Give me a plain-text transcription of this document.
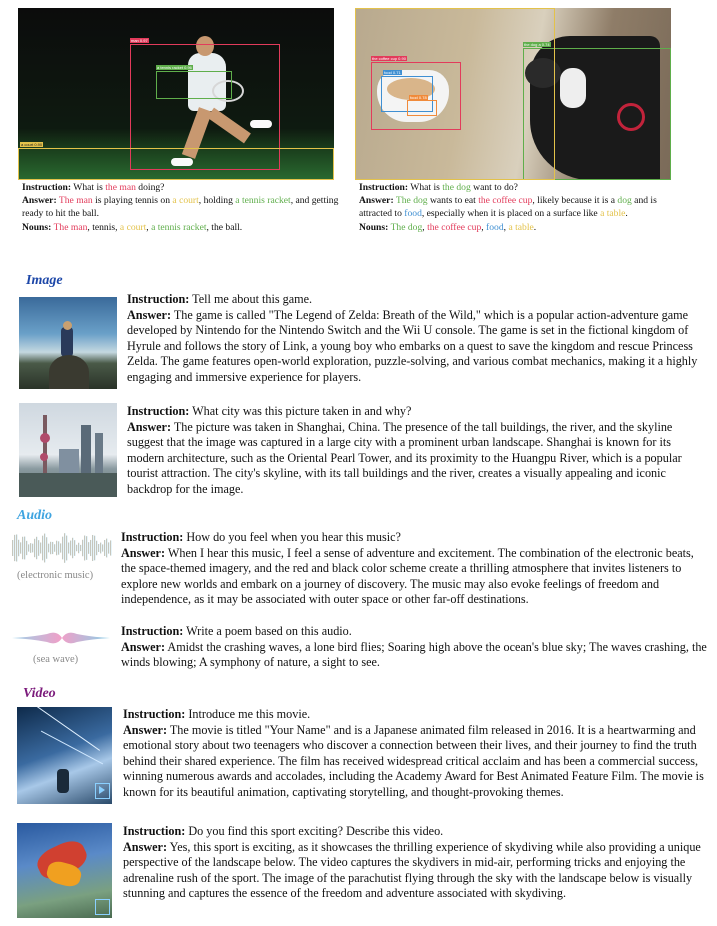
man 0.97
a tennis racket 0.96
a court 0.90
Instruction: What is the man doing?
Answer: The man is playing tennis on a court, holding a tennis racket, and getting ready to hit the ball.
Nouns: The man, tennis, a court, a tennis racket, the ball.
the dog a 0.74
the coffee cup 0.90
food 0.71
food 0.78
Instruction: What is the dog want to do?
Answer: The dog wants to eat the coffee cup, likely because it is a dog and is attracted to food, especially when it is placed on a surface like a table.
Nouns: The dog, the coffee cup, food, a table.
Image
Instruction: Tell me about this game.
Answer: The game is called "The Legend of Zelda: Breath of the Wild," which is a popular action-adventure game developed by Nintendo for the Nintendo Switch and the Wii U console. The game is set in the fictional kingdom of Hyrule and follows the story of Link, a young boy who embarks on a quest to save the kingdom and rescue Princess Zelda. The game features open-world exploration, puzzle-solving, and various combat mechanics, making it a highly engaging and immersive experience for players.
Instruction: What city was this picture taken in and why?
Answer: The picture was taken in Shanghai, China. The presence of the tall buildings, the river, and the skyline suggest that the image was captured in a large city with a prominent urban landscape. Shanghai is known for its modern architecture, such as the Oriental Pearl Tower, and its proximity to the Huangpu River, which is a popular tourist attraction. The city's skyline, with its tall buildings and the river, creates a visually appealing and iconic backdrop for the image.
Audio
(electronic music)
Instruction: How do you feel when you hear this music?
Answer: When I hear this music, I feel a sense of adventure and excitement. The combination of the electronic beats, the space-themed imagery, and the red and black color scheme create a thrilling atmosphere that invites listeners to explore new worlds and embark on a journey of discovery. The music may also evoke feelings of freedom and independence, as it may be associated with outer space or other far-off destinations.
(sea wave)
Instruction: Write a poem based on this audio.
Answer: Amidst the crashing waves, a lone bird flies; Soaring high above the ocean's blue sky; The waves crashing, the winds blowing; A symphony of nature, a sight to see.
Video
Instruction: Introduce me this movie.
Answer: The movie is titled "Your Name" and is a Japanese animated film released in 2016. It is a heartwarming and emotional story about two teenagers who discover a connection between their lives, and their journey to find the truth behind their shared experience. The film has received widespread critical acclaim and has been a commercial success, winning numerous awards and accolades, including the Academy Award for Best Animated Feature Film. The movie is known for its beautiful animation, captivating storytelling, and thought-provoking themes.
Instruction: Do you find this sport exciting? Describe this video.
Answer: Yes, this sport is exciting, as it showcases the thrilling experience of skydiving while also providing a unique perspective of the landscape below. The video captures the skydivers in mid-air, performing tricks and enjoying the adrenaline rush of the sport. The image of the parachutist flying through the sky with the landscape below is visually stunning and captures the essence of the freedom and adventure associated with skydiving.
